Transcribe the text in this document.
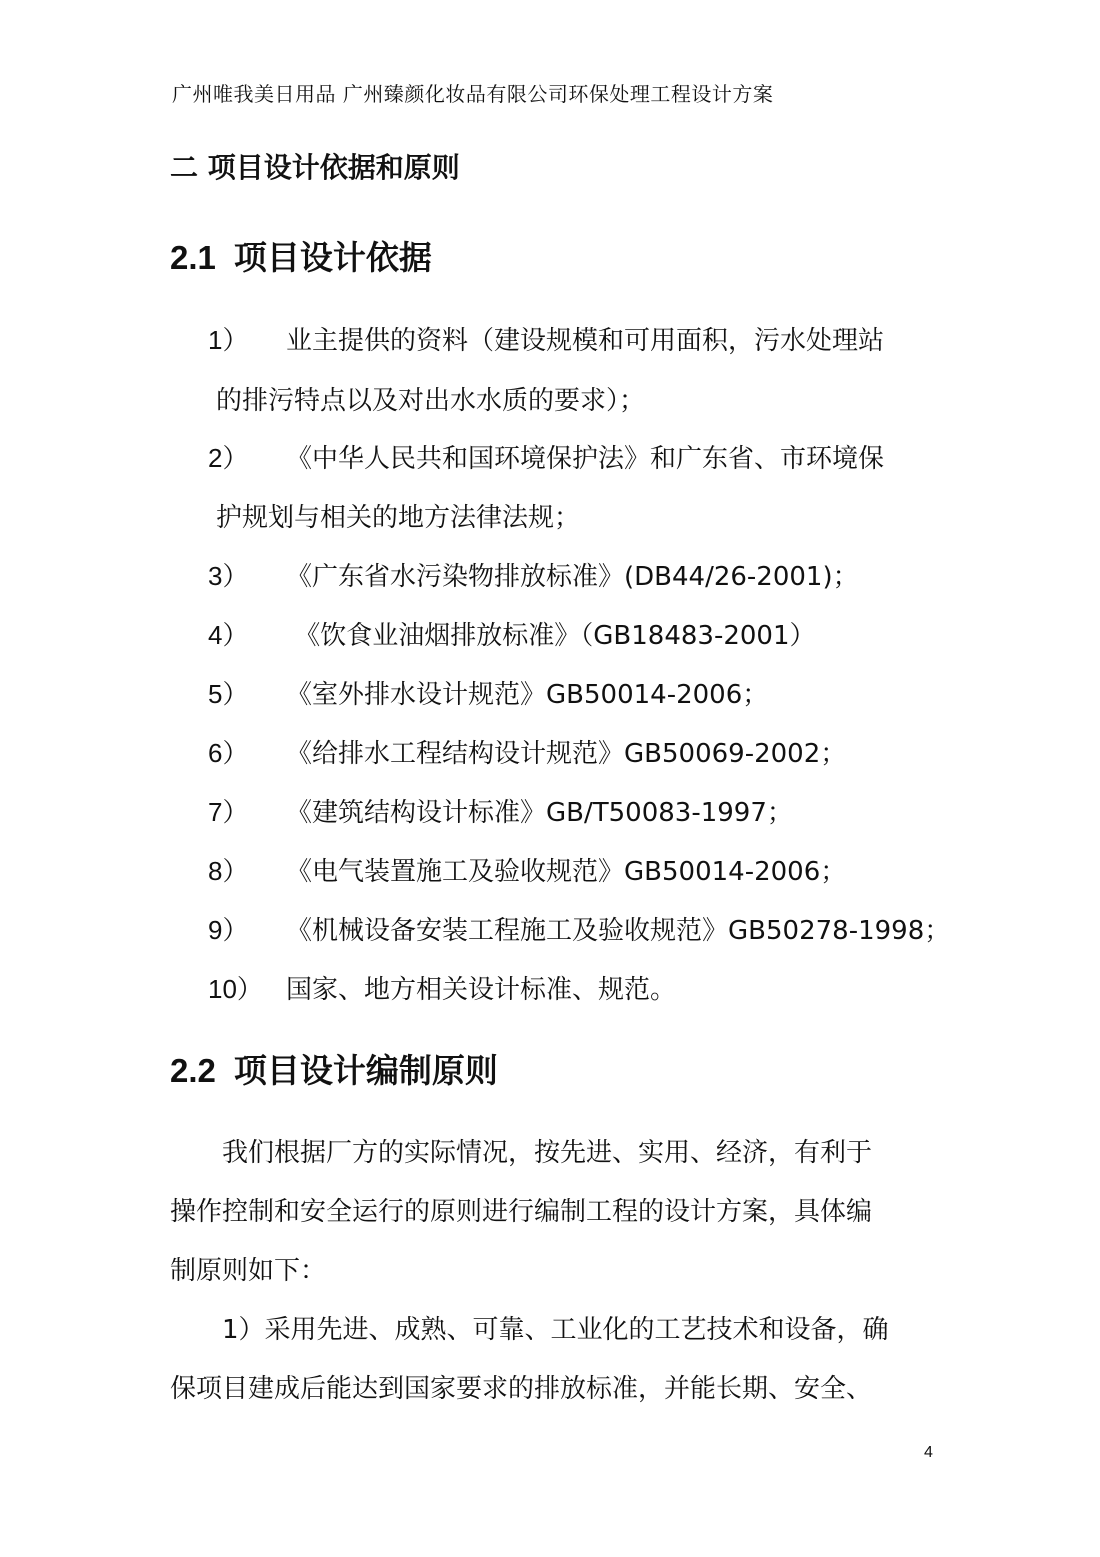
广州唯我美日用品 广州臻颜化妆品有限公司环保处理工程设计方案
二 项目设计依据和原则
2.1 项目设计依据
1） 业主提供的资料（建设规模和可用面积，污水处理站
的排污特点以及对出水水质的要求）；
2） 《中华人民共和国环境保护法》和广东省、市环境保
护规划与相关的地方法律法规；
3） 《广东省水污染物排放标准》(DB44/26-2001)；
4） 《饮食业油烟排放标准》（GB18483-2001）
5） 《室外排水设计规范》GB50014-2006；
6） 《给排水工程结构设计规范》GB50069-2002；
7） 《建筑结构设计标准》GB/T50083-1997；
8） 《电气装置施工及验收规范》GB50014-2006；
9） 《机械设备安装工程施工及验收规范》GB50278-1998；
10） 国家、地方相关设计标准、规范。
2.2 项目设计编制原则
我们根据厂方的实际情况，按先进、实用、经济，有利于
操作控制和安全运行的原则进行编制工程的设计方案，具体编
制原则如下：
1）采用先进、成熟、可靠、工业化的工艺技术和设备，确
保项目建成后能达到国家要求的排放标准，并能长期、安全、
4
